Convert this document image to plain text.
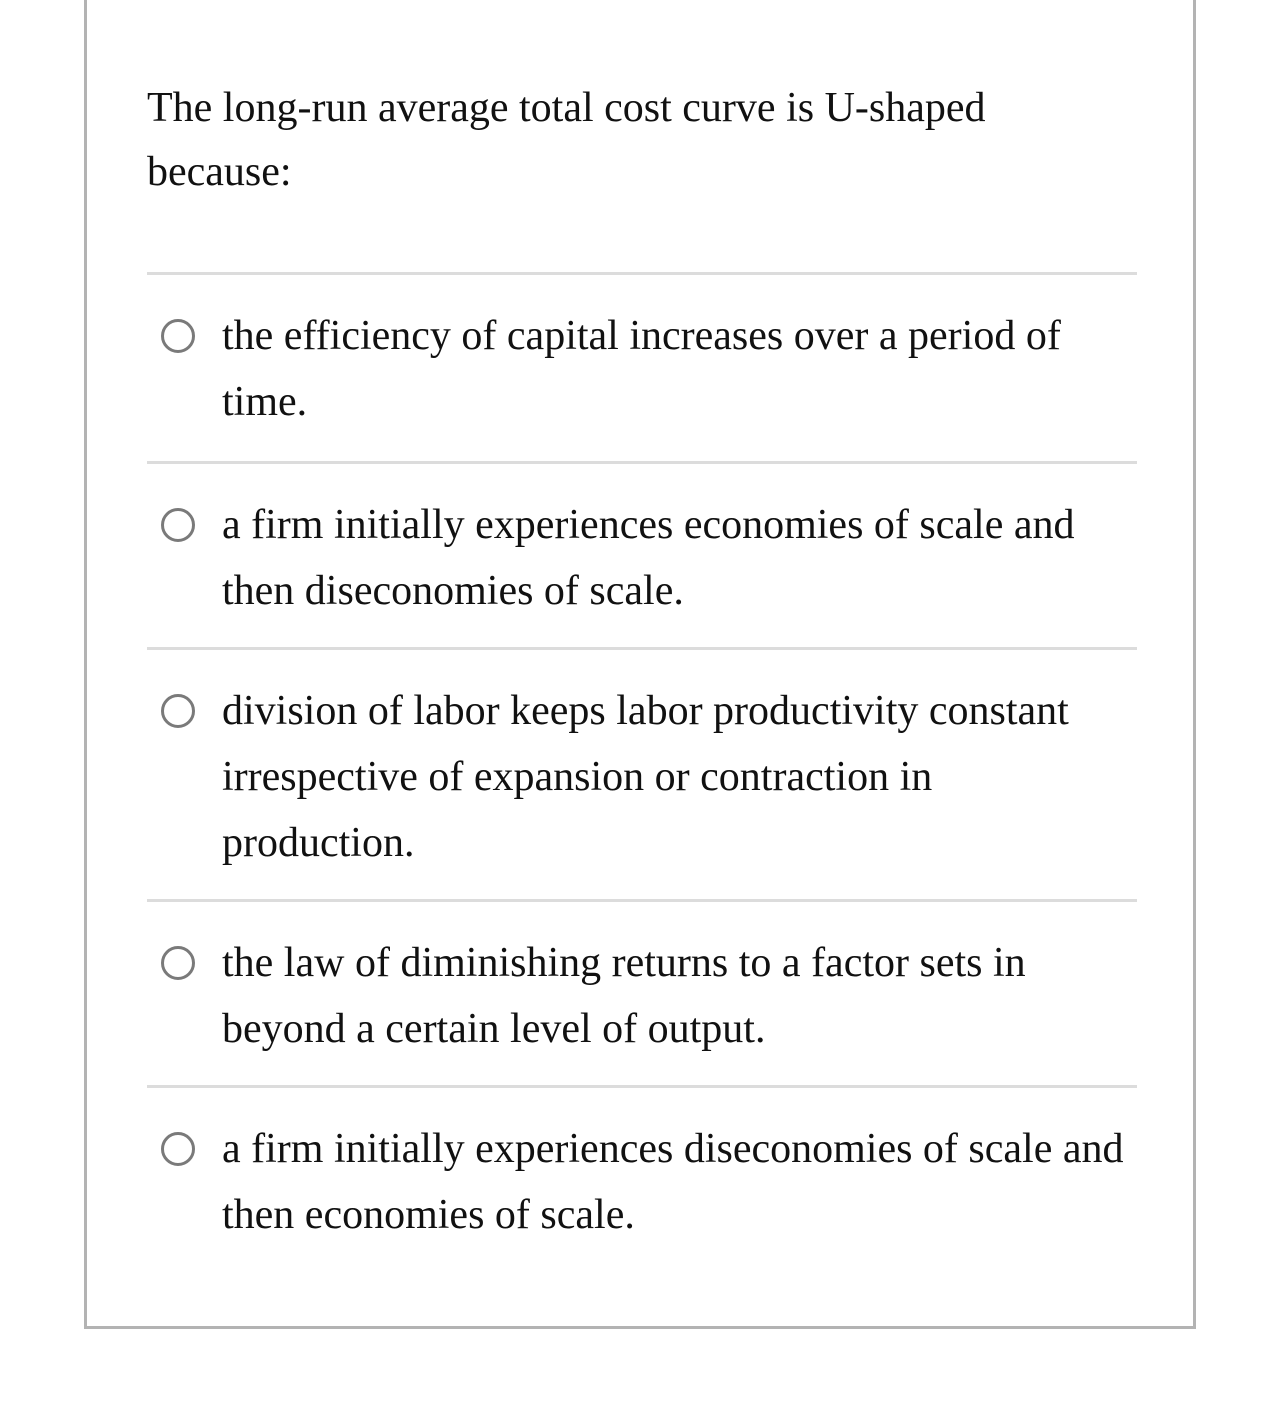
The long-run average total cost curve is U-shaped because:

the efficiency of capital increases over a period of time.
a firm initially experiences economies of scale and then diseconomies of scale.
division of labor keeps labor productivity constant irrespective of expansion or contraction in production.
the law of diminishing returns to a factor sets in beyond a certain level of output.
a firm initially experiences diseconomies of scale and then economies of scale.
